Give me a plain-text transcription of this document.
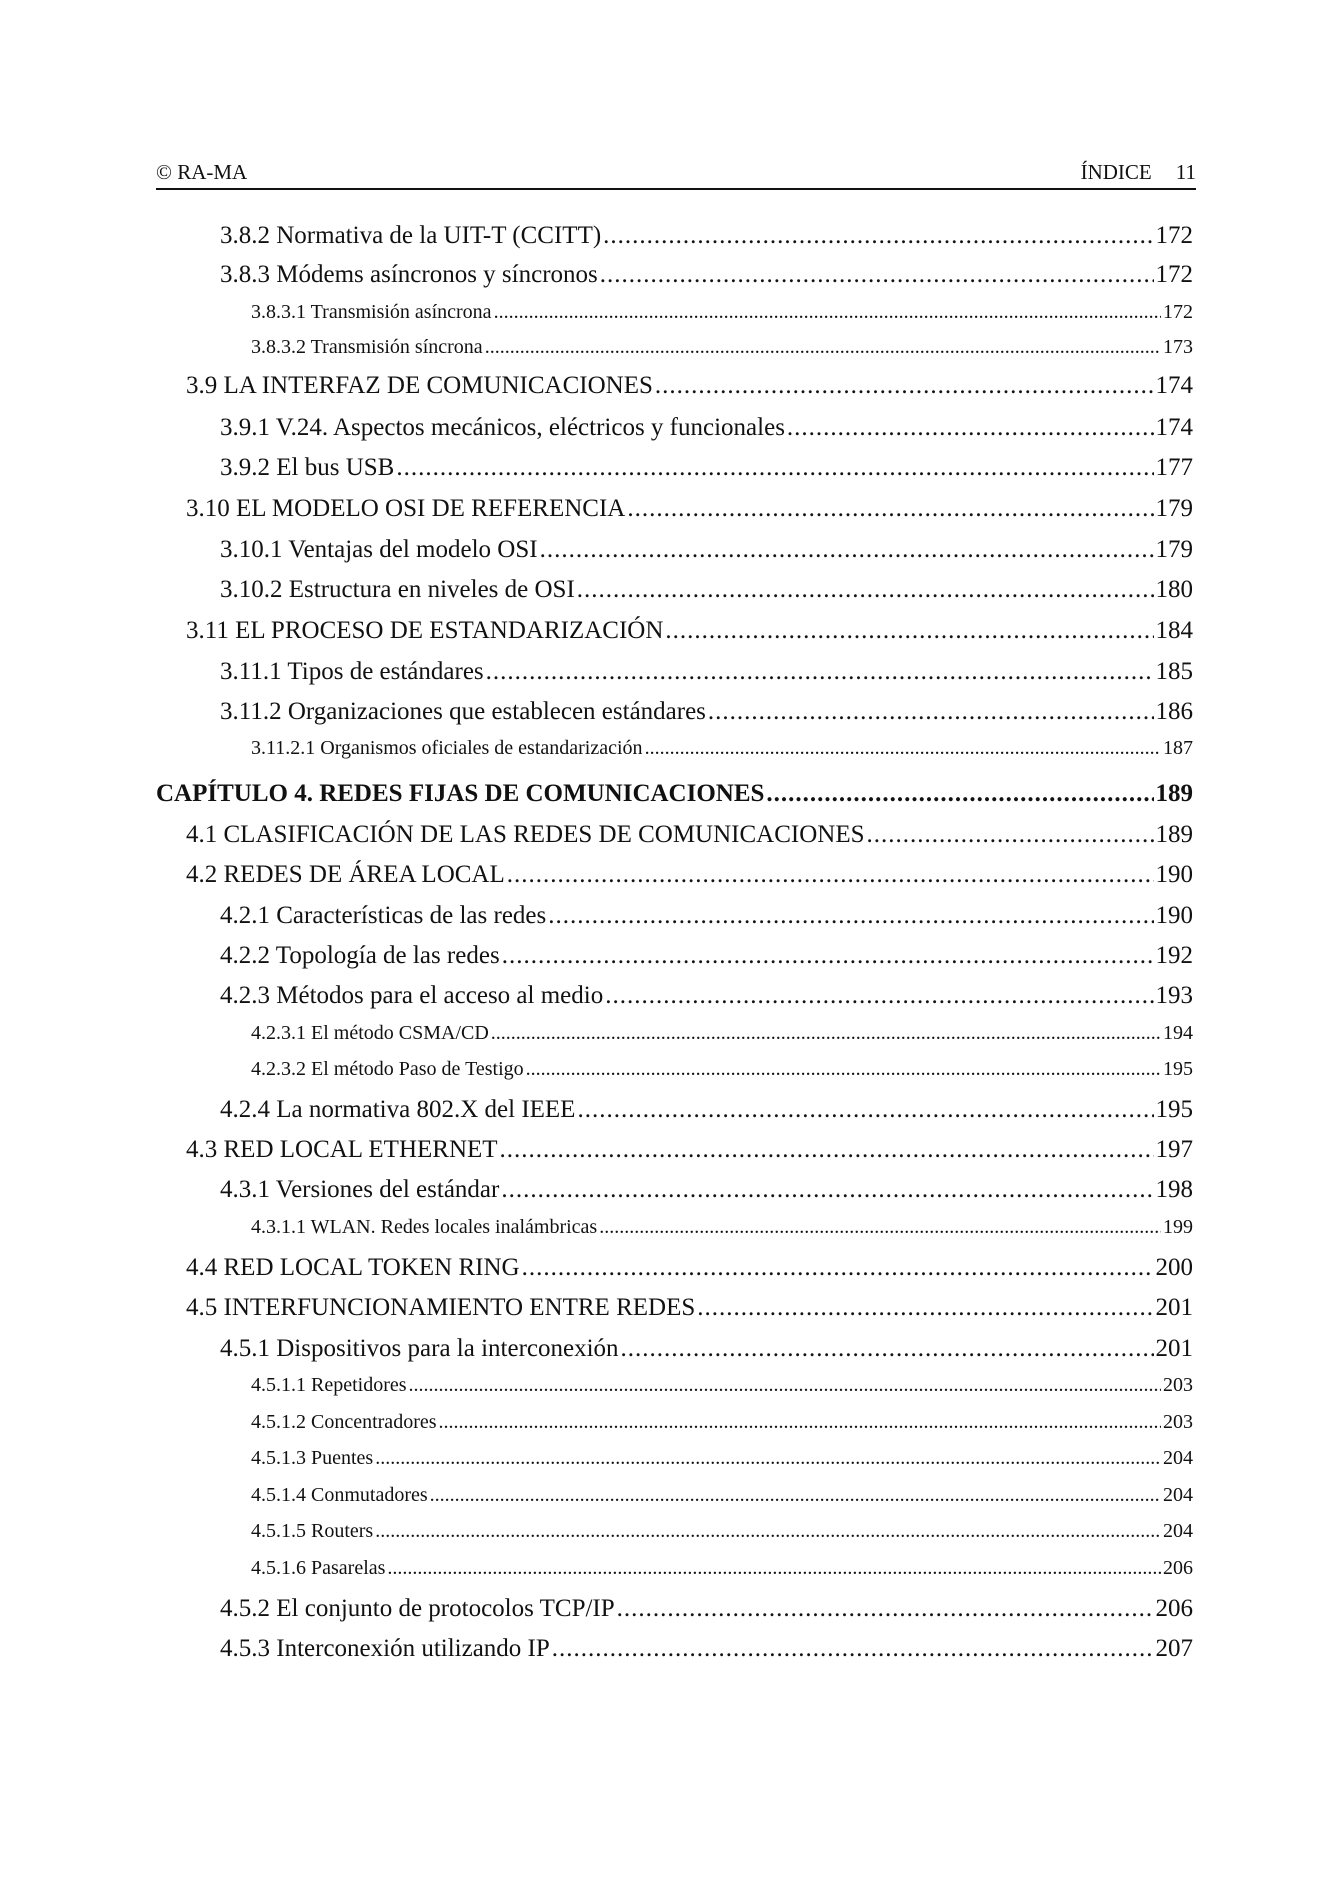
© RA-MA	ÍNDICE 11
3.8.2 Normativa de la UIT-T (CCITT) .....	172
3.8.3 Módems asíncronos y síncronos .....	172
3.8.3.1 Transmisión asíncrona .....	172
3.8.3.2 Transmisión síncrona .....	173
3.9 LA INTERFAZ DE COMUNICACIONES .....	174
3.9.1 V.24. Aspectos mecánicos, eléctricos y funcionales .....	174
3.9.2 El bus USB .....	177
3.10 EL MODELO OSI DE REFERENCIA .....	179
3.10.1 Ventajas del modelo OSI .....	179
3.10.2 Estructura en niveles de OSI .....	180
3.11 EL PROCESO DE ESTANDARIZACIÓN .....	184
3.11.1 Tipos de estándares .....	185
3.11.2 Organizaciones que establecen estándares .....	186
3.11.2.1 Organismos oficiales de estandarización .....	187
CAPÍTULO 4. REDES FIJAS DE COMUNICACIONES .....	189
4.1 CLASIFICACIÓN DE LAS REDES DE COMUNICACIONES .....	189
4.2 REDES DE ÁREA LOCAL .....	190
4.2.1 Características de las redes .....	190
4.2.2 Topología de las redes .....	192
4.2.3 Métodos para el acceso al medio .....	193
4.2.3.1 El método CSMA/CD .....	194
4.2.3.2 El método Paso de Testigo .....	195
4.2.4 La normativa 802.X del IEEE .....	195
4.3 RED LOCAL ETHERNET .....	197
4.3.1 Versiones del estándar .....	198
4.3.1.1 WLAN. Redes locales inalámbricas .....	199
4.4 RED LOCAL TOKEN RING .....	200
4.5 INTERFUNCIONAMIENTO ENTRE REDES .....	201
4.5.1 Dispositivos para la interconexión .....	201
4.5.1.1 Repetidores .....	203
4.5.1.2 Concentradores .....	203
4.5.1.3 Puentes .....	204
4.5.1.4 Conmutadores .....	204
4.5.1.5 Routers .....	204
4.5.1.6 Pasarelas .....	206
4.5.2 El conjunto de protocolos TCP/IP .....	206
4.5.3 Interconexión utilizando IP .....	207
